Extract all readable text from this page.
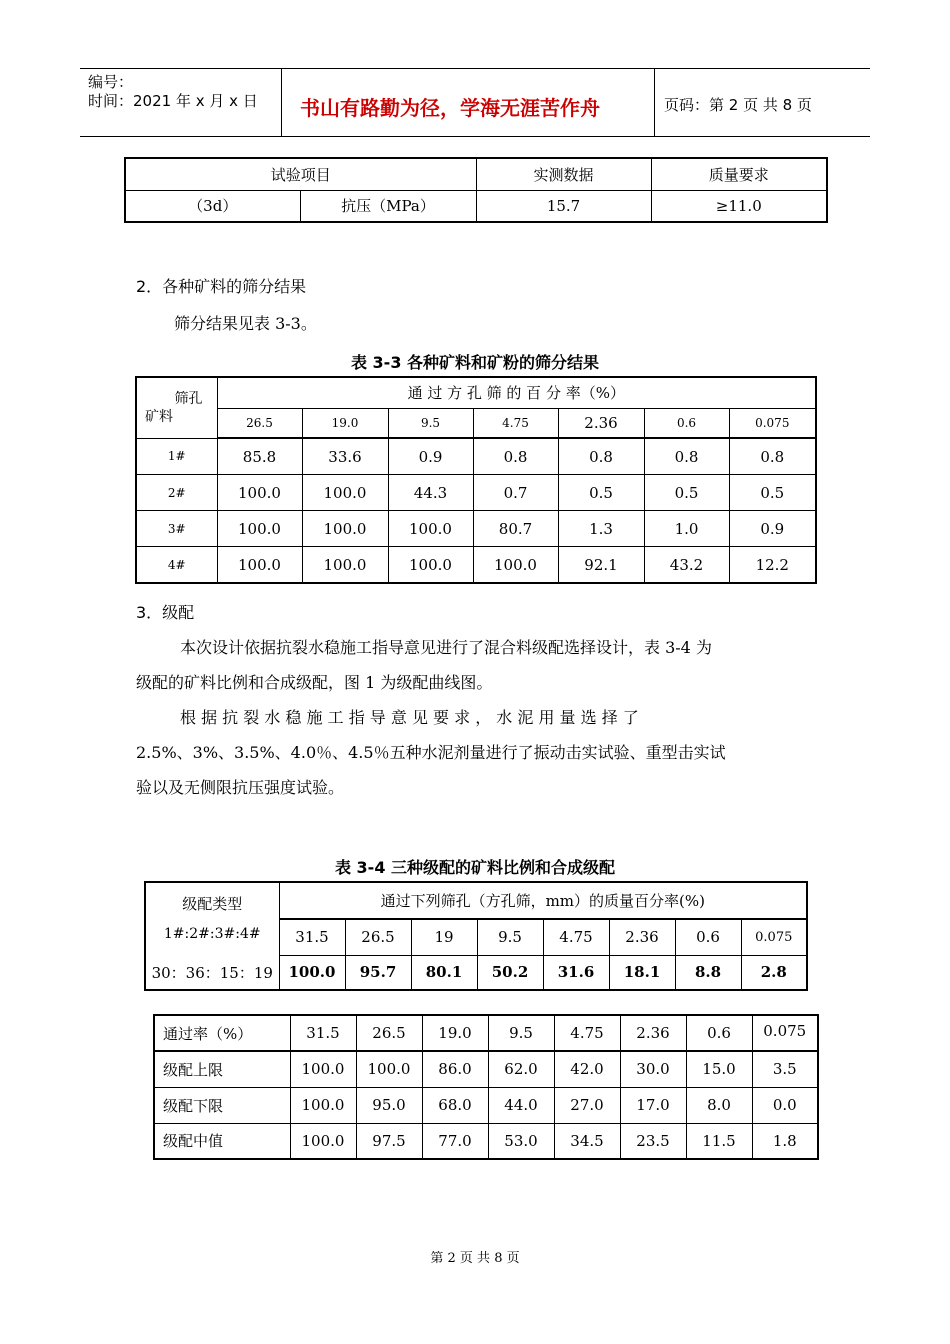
编号：
时间：2021 年 x 月 x 日 书山有路勤为径，学海无涯苦作舟	页码：第 2 页 共 8 页
试验项目		实测数据	质量要求
（3d）	抗压（MPa）	15.7	≥11.0
2．各种矿料的筛分结果
筛分结果见表 3-3。
表 3-3 各种矿料和矿粉的筛分结果
筛孔
矿料	通 过 方 孔 筛 的 百 分 率（%）						
	26.5	19.0	9.5	4.75	2.36	0.6	0.075
1#	85.8	33.6	0.9	0.8	0.8	0.8	0.8
2#	100.0	100.0	44.3	0.7	0.5	0.5	0.5
3#	100.0	100.0	100.0	80.7	1.3	1.0	0.9
4#	100.0	100.0	100.0	100.0	92.1	43.2	12.2
3．级配
本次设计依据抗裂水稳施工指导意见进行了混合料级配选择设计，表 3-4 为
级配的矿料比例和合成级配，图 1 为级配曲线图。
根 据 抗 裂 水 稳 施 工 指 导 意 见 要 求 ， 水 泥 用 量 选 择 了
2.5%、3%、3.5%、4.0％、4.5％五种水泥剂量进行了振动击实试验、重型击实试
验以及无侧限抗压强度试验。
表 3-4 三种级配的矿料比例和合成级配
级配类型
1#:2#:3#:4#	通过下列筛孔（方孔筛，mm）的质量百分率(%)							
	31.5	26.5	19	9.5	4.75	2.36	0.6	0.075
30：36：15：19	100.0	95.7	80.1	50.2	31.6	18.1	8.8	2.8
通过率（%）	31.5	26.5	19.0	9.5	4.75	2.36	0.6	0.075
级配上限	100.0	100.0	86.0	62.0	42.0	30.0	15.0	3.5
级配下限	100.0	95.0	68.0	44.0	27.0	17.0	8.0	0.0
级配中值	100.0	97.5	77.0	53.0	34.5	23.5	11.5	1.8
第 2 页 共 8 页
